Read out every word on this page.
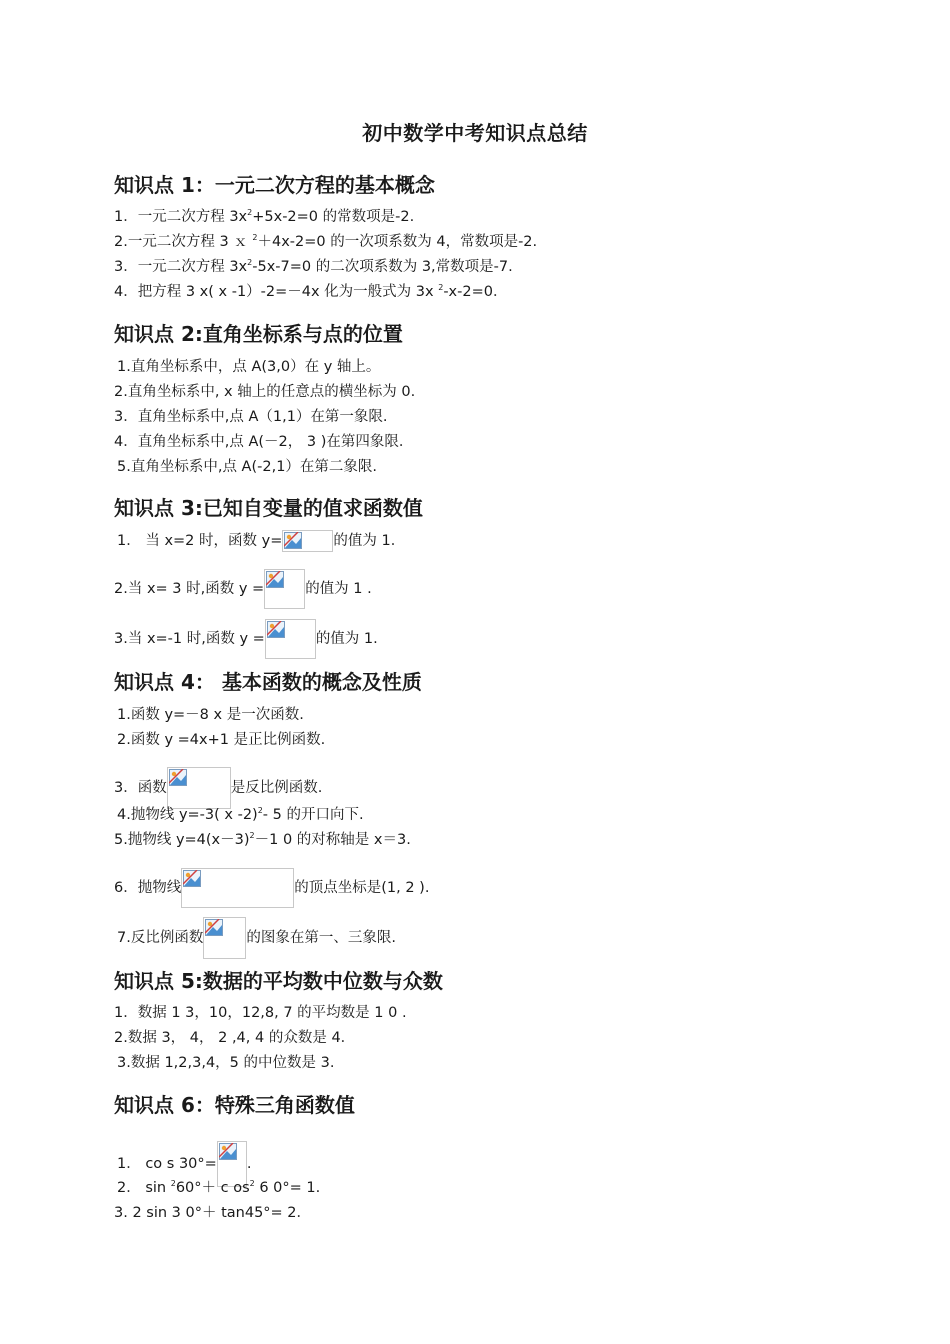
初中数学中考知识点总结
知识点 1：一元二次方程的基本概念
1．一元二次方程 $3x^2+5x-2=0$ 的常数项是-2.
2.一元二次方程 3 ｘ $^2$＋4x-2=0 的一次项系数为 4，常数项是-2.
3．一元二次方程 $3x^2-5x-7=0$ 的二次项系数为 3,常数项是-7.
4．把方程 3 x( x -1）-2=－4x 化为一般式为 3x $^2$-x-2=0．
知识点 2:直角坐标系与点的位置
1.直角坐标系中，点 A(3,0）在 y 轴上。
2.直角坐标系中, x 轴上的任意点的横坐标为 0.
3．直角坐标系中,点 A（1,1）在第一象限.
4．直角坐标系中,点 A(－2， 3 )在第四象限．
5.直角坐标系中,点 A(-2,1）在第二象限.
知识点 3:已知自变量的值求函数值
1． 当 x=2 时，函数 y=	的值为 1．
2.当 x= 3 时,函数 y =	的值为 1 .
3.当 x=-1 时,函数 y =	的值为 1.
知识点 4： 基本函数的概念及性质
1.函数 y=－8 x 是一次函数.
2.函数 y =4x+1 是正比例函数.
3．函数	是反比例函数.
4.抛物线 y=-3( x -2)$^2$- 5 的开口向下.
5.抛物线 $y=4(x-3)^2-1$ 0 的对称轴是 x＝3.
6．抛物线	的顶点坐标是(1, 2 ).
7.反比例函数	的图象在第一、三象限.
知识点 5:数据的平均数中位数与众数
1．数据 1 3，10，12,8, 7 的平均数是 1 0 .
2.数据 3， 4， 2 ,4, 4 的众数是 4．
3.数据 1,2,3,4，5 的中位数是 3.
知识点 6：特殊三角函数值
1． co s 30°= .
2． sin $^2$60°＋ c $os^2$ 6 0°= 1.
3. 2 sin 3 0°＋ tan45°= 2．
